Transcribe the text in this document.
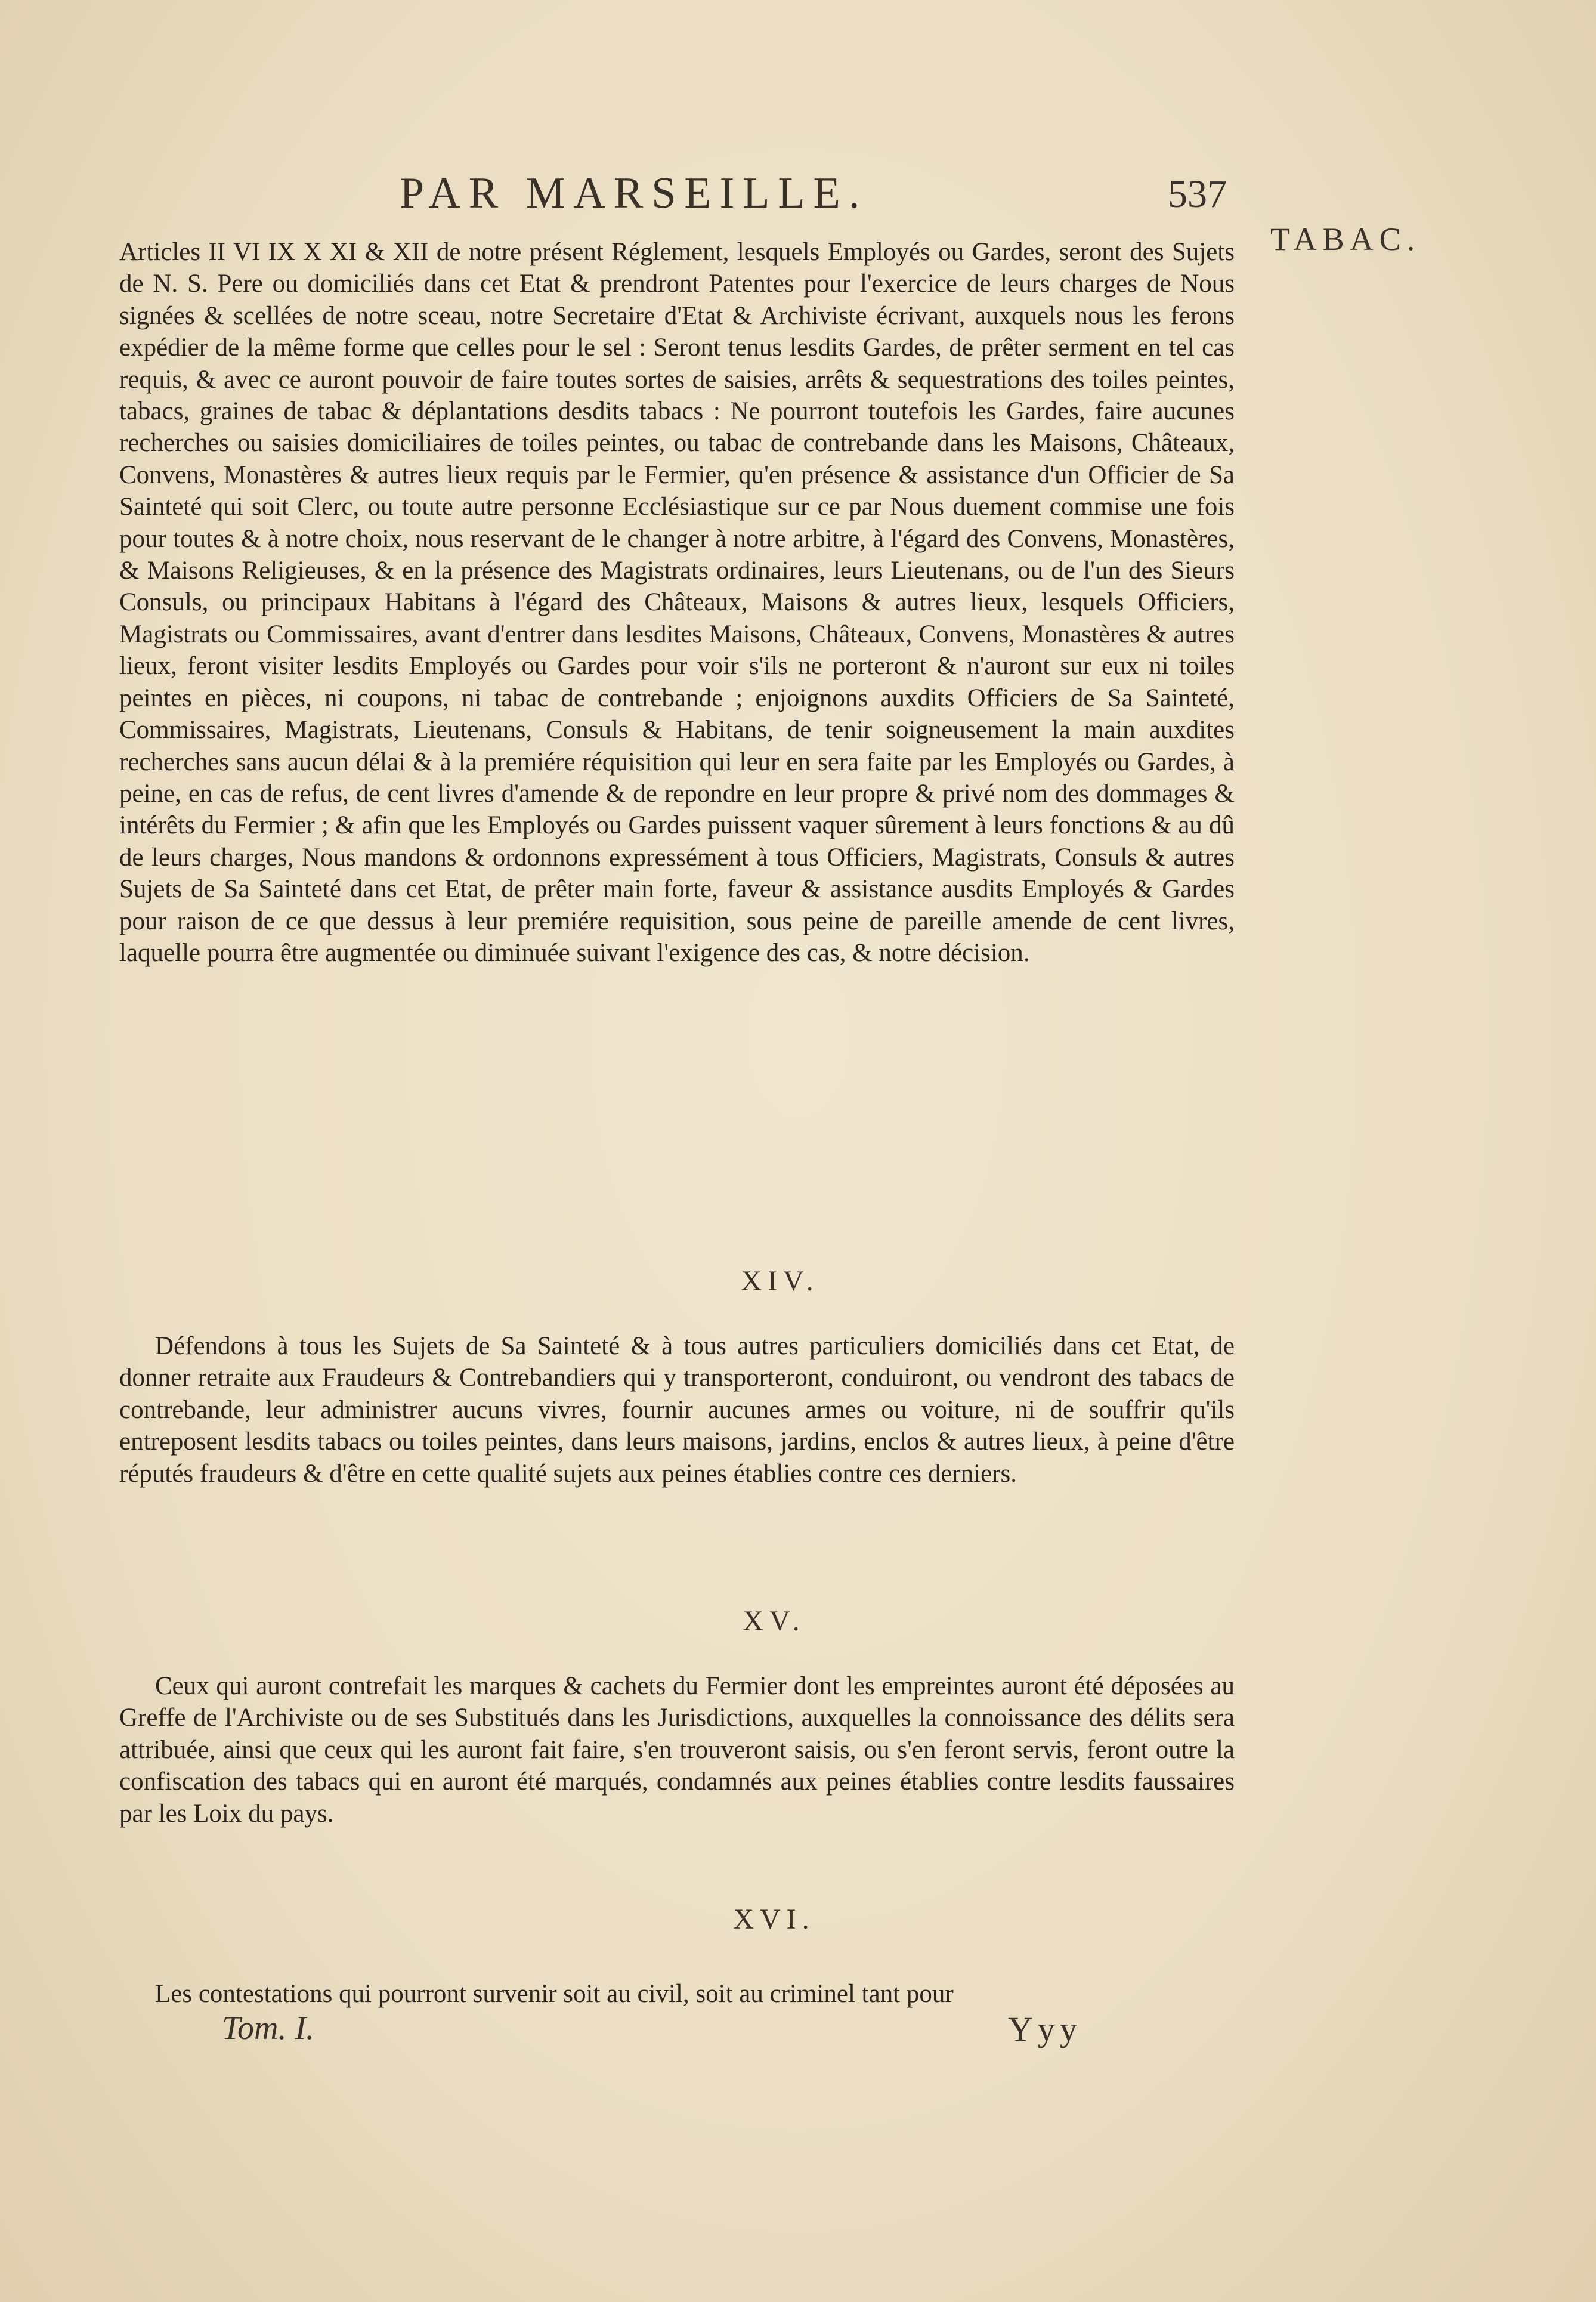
PAR MARSEILLE.	537
TABAC.

Articles II VI IX X XI & XII de notre présent Réglement, lesquels Employés ou Gardes, seront des Sujets de N. S. Pere ou domiciliés dans cet Etat & prendront Patentes pour l'exercice de leurs charges de Nous signées & scellées de notre sceau, notre Secretaire d'Etat & Archiviste écrivant, auxquels nous les ferons expédier de la même forme que celles pour le sel : Seront tenus lesdits Gardes, de prêter serment en tel cas requis, & avec ce auront pouvoir de faire toutes sortes de saisies, arrêts & sequestrations des toiles peintes, tabacs, graines de tabac & déplantations desdits tabacs : Ne pourront toutefois les Gardes, faire aucunes recherches ou saisies domiciliaires de toiles peintes, ou tabac de contrebande dans les Maisons, Châteaux, Convens, Monastères & autres lieux requis par le Fermier, qu'en présence & assistance d'un Officier de Sa Sainteté qui soit Clerc, ou toute autre personne Ecclésiastique sur ce par Nous duement commise une fois pour toutes & à notre choix, nous reservant de le changer à notre arbitre, à l'égard des Convens, Monastères, & Maisons Religieuses, & en la présence des Magistrats ordinaires, leurs Lieutenans, ou de l'un des Sieurs Consuls, ou principaux Habitans à l'égard des Châteaux, Maisons & autres lieux, lesquels Officiers, Magistrats ou Commissaires, avant d'entrer dans lesdites Maisons, Châteaux, Convens, Monastères & autres lieux, feront visiter lesdits Employés ou Gardes pour voir s'ils ne porteront & n'auront sur eux ni toiles peintes en pièces, ni coupons, ni tabac de contrebande ; enjoignons auxdits Officiers de Sa Sainteté, Commissaires, Magistrats, Lieutenans, Consuls & Habitans, de tenir soigneusement la main auxdites recherches sans aucun délai & à la premiére réquisition qui leur en sera faite par les Employés ou Gardes, à peine, en cas de refus, de cent livres d'amende & de repondre en leur propre & privé nom des dommages & intérêts du Fermier ; & afin que les Employés ou Gardes puissent vaquer sûrement à leurs fonctions & au dû de leurs charges, Nous mandons & ordonnons expressément à tous Officiers, Magistrats, Consuls & autres Sujets de Sa Sainteté dans cet Etat, de prêter main forte, faveur & assistance ausdits Employés & Gardes pour raison de ce que dessus à leur premiére requisition, sous peine de pareille amende de cent livres, laquelle pourra être augmentée ou diminuée suivant l'exigence des cas, & notre décision.

XIV.

Défendons à tous les Sujets de Sa Sainteté & à tous autres particuliers domiciliés dans cet Etat, de donner retraite aux Fraudeurs & Contrebandiers qui y transporteront, conduiront, ou vendront des tabacs de contrebande, leur administrer aucuns vivres, fournir aucunes armes ou voiture, ni de souffrir qu'ils entreposent lesdits tabacs ou toiles peintes, dans leurs maisons, jardins, enclos & autres lieux, à peine d'être réputés fraudeurs & d'être en cette qualité sujets aux peines établies contre ces derniers.

XV.

Ceux qui auront contrefait les marques & cachets du Fermier dont les empreintes auront été déposées au Greffe de l'Archiviste ou de ses Substitués dans les Jurisdictions, auxquelles la connoissance des délits sera attribuée, ainsi que ceux qui les auront fait faire, s'en trouveront saisis, ou s'en feront servis, feront outre la confiscation des tabacs qui en auront été marqués, condamnés aux peines établies contre lesdits faussaires par les Loix du pays.

XVI.

Les contestations qui pourront survenir soit au civil, soit au criminel tant pour

Tom. I.	Yyy
